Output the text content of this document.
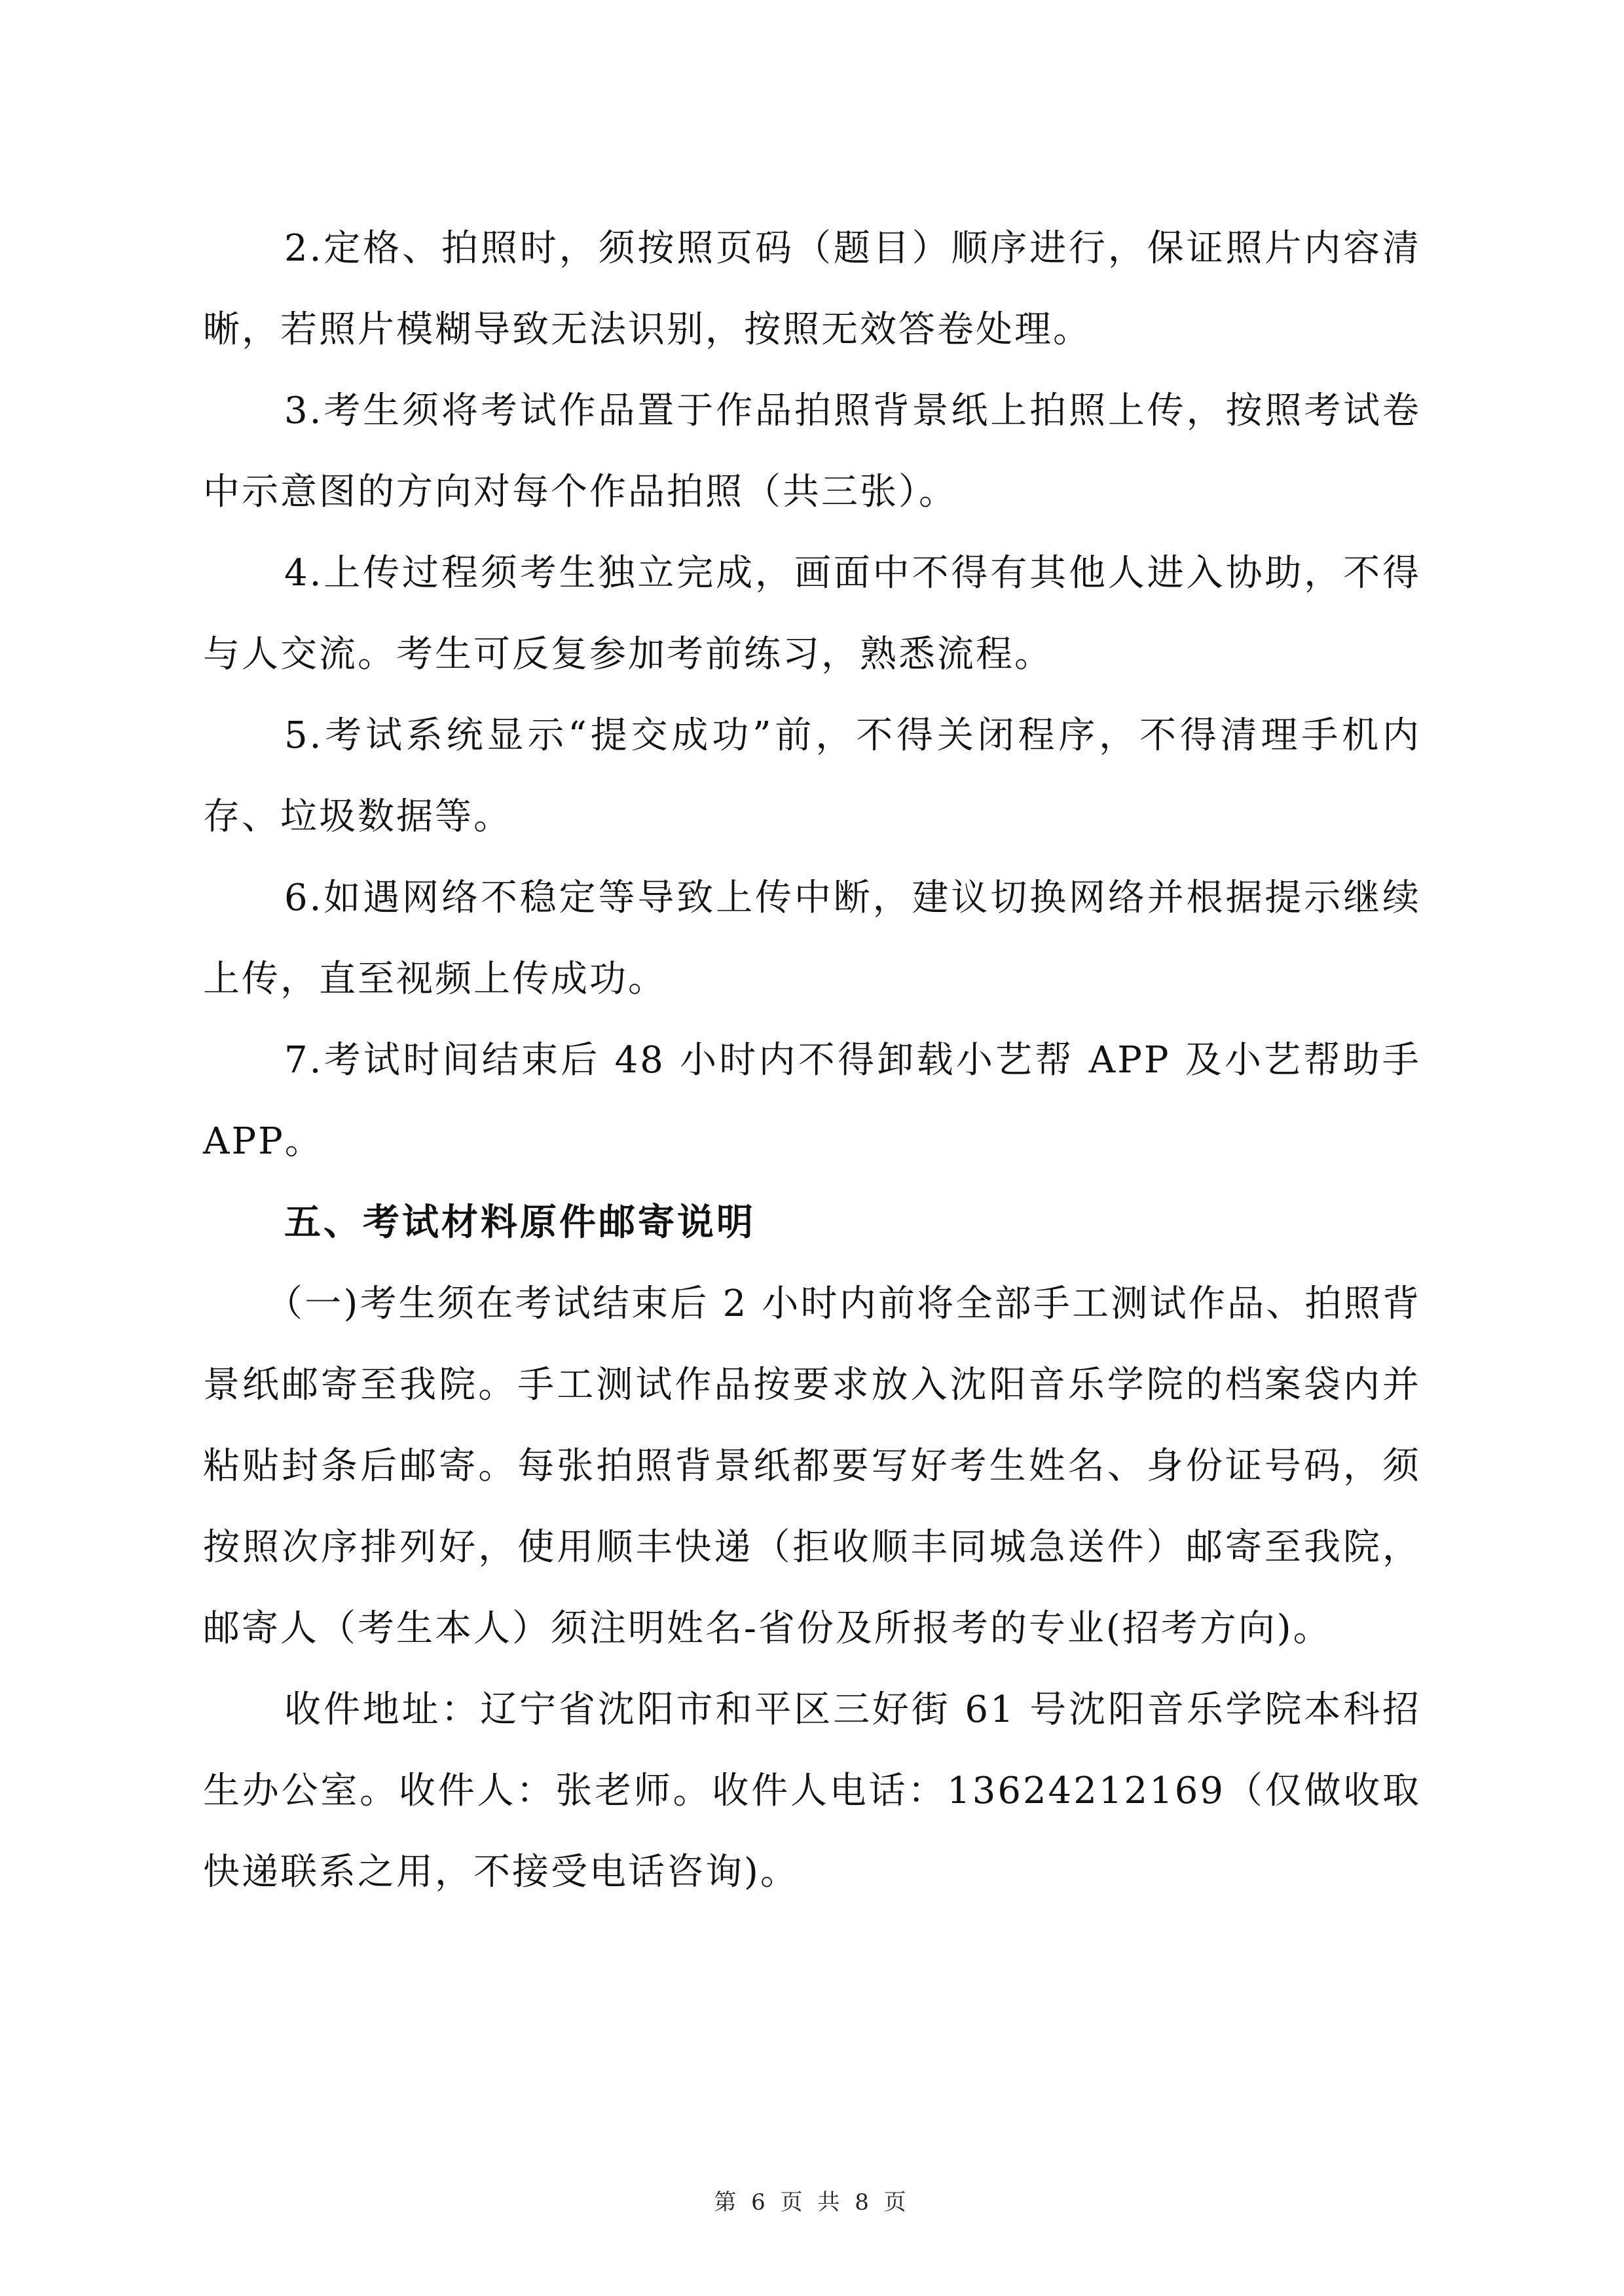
2.定格、拍照时，须按照页码（题目）顺序进行，保证照片内容清晰，若照片模糊导致无法识别，按照无效答卷处理。

3.考生须将考试作品置于作品拍照背景纸上拍照上传，按照考试卷中示意图的方向对每个作品拍照（共三张）。

4.上传过程须考生独立完成，画面中不得有其他人进入协助，不得与人交流。考生可反复参加考前练习，熟悉流程。

5.考试系统显示“提交成功”前，不得关闭程序，不得清理手机内存、垃圾数据等。

6.如遇网络不稳定等导致上传中断，建议切换网络并根据提示继续上传，直至视频上传成功。

7.考试时间结束后 48 小时内不得卸载小艺帮 APP 及小艺帮助手 APP。

五、考试材料原件邮寄说明

（一)考生须在考试结束后 2 小时内前将全部手工测试作品、拍照背景纸邮寄至我院。手工测试作品按要求放入沈阳音乐学院的档案袋内并粘贴封条后邮寄。每张拍照背景纸都要写好考生姓名、身份证号码，须按照次序排列好，使用顺丰快递（拒收顺丰同城急送件）邮寄至我院，邮寄人（考生本人）须注明姓名-省份及所报考的专业(招考方向)。

收件地址：辽宁省沈阳市和平区三好街 61 号沈阳音乐学院本科招生办公室。收件人：张老师。收件人电话：13624212169（仅做收取快递联系之用，不接受电话咨询)。

第 6 页 共 8 页
